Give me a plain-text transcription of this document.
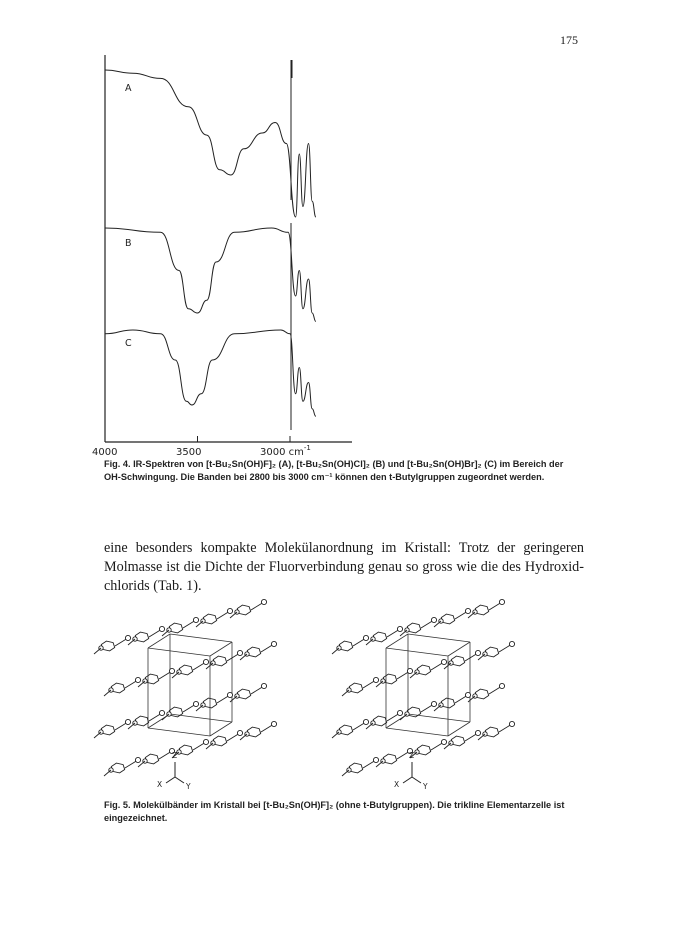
175
4000	3500	3000 $cm^{-1}$
A
B
C
Fig. 4. IR-Spektren von [t-Bu₂Sn(OH)F]₂ (A), [t-Bu₂Sn(OH)Cl]₂ (B) und [t-Bu₂Sn(OH)Br]₂ (C) im Bereich der OH-Schwingung. Die Banden bei 2800 bis 3000 cm⁻¹ können den t-Butylgruppen zugeordnet werden.

eine besonders kompakte Molekülanordnung im Kristall: Trotz der geringeren
Molmasse ist die Dichte der Fluorverbindung genau so gross wie die des Hydroxid-
chlorids (Tab. 1).

Z
X	Y
Z
X	Y
Fig. 5. Molekülbänder im Kristall bei [t-Bu₂Sn(OH)F]₂ (ohne t-Butylgruppen). Die trikline Elementarzelle ist eingezeichnet.
